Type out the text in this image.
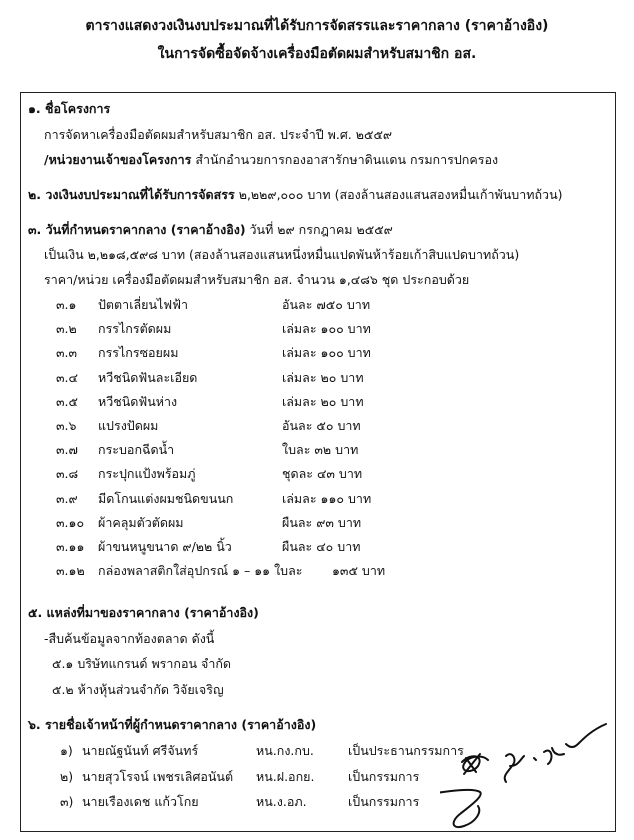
ตารางแสดงวงเงินงบประมาณที่ได้รับการจัดสรรและราคากลาง (ราคาอ้างอิง)
ในการจัดซื้อจัดจ้างเครื่องมือตัดผมสำหรับสมาชิก อส.
๑. ชื่อโครงการ
การจัดหาเครื่องมือตัดผมสำหรับสมาชิก อส. ประจำปี พ.ศ. ๒๕๕๙
/หน่วยงานเจ้าของโครงการ สำนักอำนวยการกองอาสารักษาดินแดน กรมการปกครอง
๒. วงเงินงบประมาณที่ได้รับการจัดสรร ๒,๒๒๙,๐๐๐ บาท (สองล้านสองแสนสองหมื่นเก้าพันบาทถ้วน)
๓. วันที่กำหนดราคากลาง (ราคาอ้างอิง) วันที่ ๒๙ กรกฎาคม ๒๕๕๙
เป็นเงิน ๒,๒๑๘,๕๙๘ บาท (สองล้านสองแสนหนึ่งหมื่นแปดพันห้าร้อยเก้าสิบแปดบาทถ้วน)
ราคา/หน่วย เครื่องมือตัดผมสำหรับสมาชิก อส. จำนวน ๑,๔๘๖ ชุด ประกอบด้วย
๓.๑ ปัตตาเลี่ยนไฟฟ้า	อันละ ๗๕๐ บาท
๓.๒ กรรไกรตัดผม	เล่มละ ๑๐๐ บาท
๓.๓ กรรไกรซอยผม	เล่มละ ๑๐๐ บาท
๓.๔ หวีชนิดฟันละเอียด	เล่มละ ๒๐ บาท
๓.๕ หวีชนิดฟันห่าง	เล่มละ ๒๐ บาท
๓.๖ แปรงปัดผม	อันละ ๕๐ บาท
๓.๗ กระบอกฉีดน้ำ	ใบละ ๓๒ บาท
๓.๘ กระปุกแป้งพร้อมภู่	ชุดละ ๔๓ บาท
๓.๙ มีดโกนแต่งผมชนิดขนนก	เล่มละ ๑๑๐ บาท
๓.๑๐ ผ้าคลุมตัวตัดผม	ผืนละ ๙๓ บาท
๓.๑๑ ผ้าขนหนูขนาด ๙/๒๒ นิ้ว	ผืนละ ๔๐ บาท
๓.๑๒ กล่องพลาสติกใส่อุปกรณ์ ๑ – ๑๑ ใบละ ๑๓๕ บาท
๕. แหล่งที่มาของราคากลาง (ราคาอ้างอิง)
-สืบค้นข้อมูลจากท้องตลาด ดังนี้
๕.๑ บริษัทแกรนด์ พรากอน จำกัด
๕.๒ ห้างหุ้นส่วนจำกัด วิจัยเจริญ
๖. รายชื่อเจ้าหน้าที่ผู้กำหนดราคากลาง (ราคาอ้างอิง)
๑) นายณัฐนันท์ ศรีจันทร์	หน.กง.กบ.	เป็นประธานกรรมการ
๒) นายสุวโรจน์ เพชรเลิศอนันต์ หน.ฝ.อกย.	เป็นกรรมการ
๓) นายเรืองเดช แก้วโกย	หน.ง.อภ.	เป็นกรรมการ
